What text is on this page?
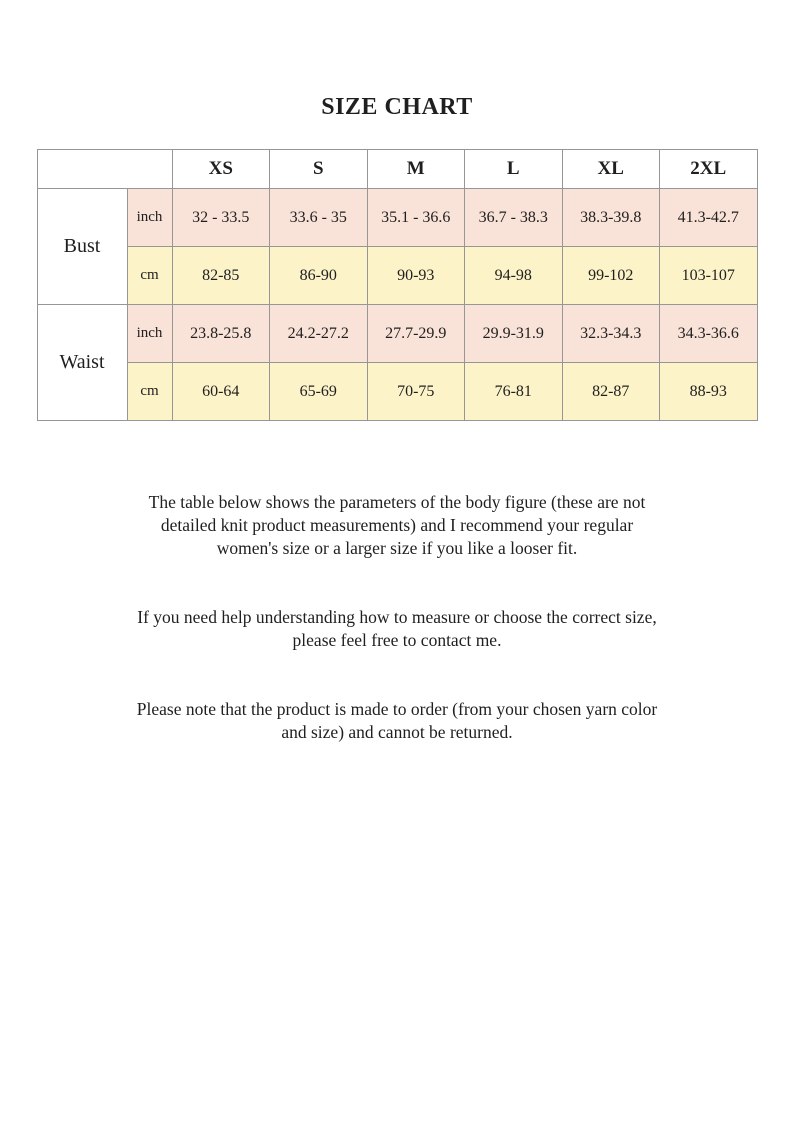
SIZE CHART
		XS	S	M	L	XL	2XL
Bust	inch	32 - 33.5	33.6 - 35	35.1 - 36.6	36.7 - 38.3	38.3-39.8	41.3-42.7
	cm	82-85	86-90	90-93	94-98	99-102	103-107
Waist	inch	23.8-25.8	24.2-27.2	27.7-29.9	29.9-31.9	32.3-34.3	34.3-36.6
	cm	60-64	65-69	70-75	76-81	82-87	88-93

The table below shows the parameters of the body figure (these are not
detailed knit product measurements) and I recommend your regular
women's size or a larger size if you like a looser fit.

If you need help understanding how to measure or choose the correct size,
please feel free to contact me.

Please note that the product is made to order (from your chosen yarn color
and size) and cannot be returned.
